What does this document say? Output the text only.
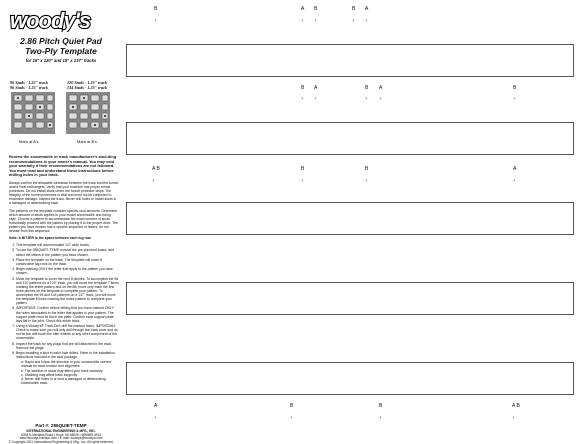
woody's
2.86 Pitch Quiet Pad
Two-Ply Template
for 15" x 120" and 15" x 137" tracks
96 Studs - 1.25" track
96 Studs - 1.25" track
120 Studs - 1.25" track
144 Studs - 1.25" track
Mark at A's	Mark at B's

Review the snowmobile or track manufacturer's stud-ding recommendations in your owner's manual. You may void your warranty if their recommendations are not followed. You must read and understand these instructions before drilling holes in your track.

Always confirm the allowable clearance between the track and the tunnel and/or heat exchangers. Verify that your machine has proper tunnel protectors. Do not install studs under the tunnel protector strips. The integrity of the tunnel protectors is vital and must not be subjected to excessive damage. Inspect the track. Never drill holes or install studs in a damaged or deteriorating track.

The patterns on the template consider specific stud amounts. Determine which amount of studs applies to your model snowmobile and riding style. Choose a pattern to accommodate the exact number of studs. Individually proceed with the pattern by placing it to the proper drive. The pattern you have chosen has a specific sequence of letters; do not deviate from this sequence.

Note: A BITZER is the space between each lug row.

1. This template will accommodate 1/2" wide tracks.
2. To use the 286QUIET-TEMP remove the pre-punched board, and select the letters in the pattern you have chosen.
3. Place the template on the track. The template will cover 8 consecutive lug rows on the track.
4. Begin marking ONLY the letter that apply to the pattern you have chosen.
5. Move the template to cover the next 8 pitches. To accomplish the 96 and 120 patterns on a 120" track, you will move the template 7 times marking the entire pattern and on the 8th move only mark the first three pitches on the template to complete your pattern. To accomplish the 96 and 144 patterns on a 137" track, you will move the template 8 times marking the entire pattern to complete your pattern.
6. IMPORTANT: Confirm before drilling that you have marked ONLY the holes associated to the letter that applies to your pattern. The support plate must lie flat in the plate. Confirm each support plate lays flat in the joint. Check this entire track.
7. Using a Woody's® Track Drill, drill the marked holes. IMPORTANT: Check to make sure you will only drill through the track once and do not let the drill touch the idler wheels or any other component of the snowmobile.
8. Inspect the track for any plugs that are still attached to the track. Remove the plugs.
9. Begin installing a stud in each hole drilled. Refer to the installation instructions included in the stud package.
a. Rapid and follow the direction in your snowmobile owners' manual for track tension and alignment.
b. The addition of studs may affect your track warranty.
c. Studding may affect track longevity.
d. Never drill holes in or stud a damaged or deteriorating snowmobile track.
Part #: 286QUIET-TEMP
INTERNATIONAL ENGINEERING & MFG., INC.
6054 N Meridian Road • Hope, MI 48628 • 989/689-4911
www.WoodysTraction.com • E-mail: woodys@woodys.com
© Copyright 2011 International Engineering & Mfg., Inc. All rights reserved.
B	A B	B A
B A	B A	B
A B	B	B	A
A	B	B	A B
+	+ +	+ +
+ +	+	+	+
+	+	+	+
+	+	+	+
